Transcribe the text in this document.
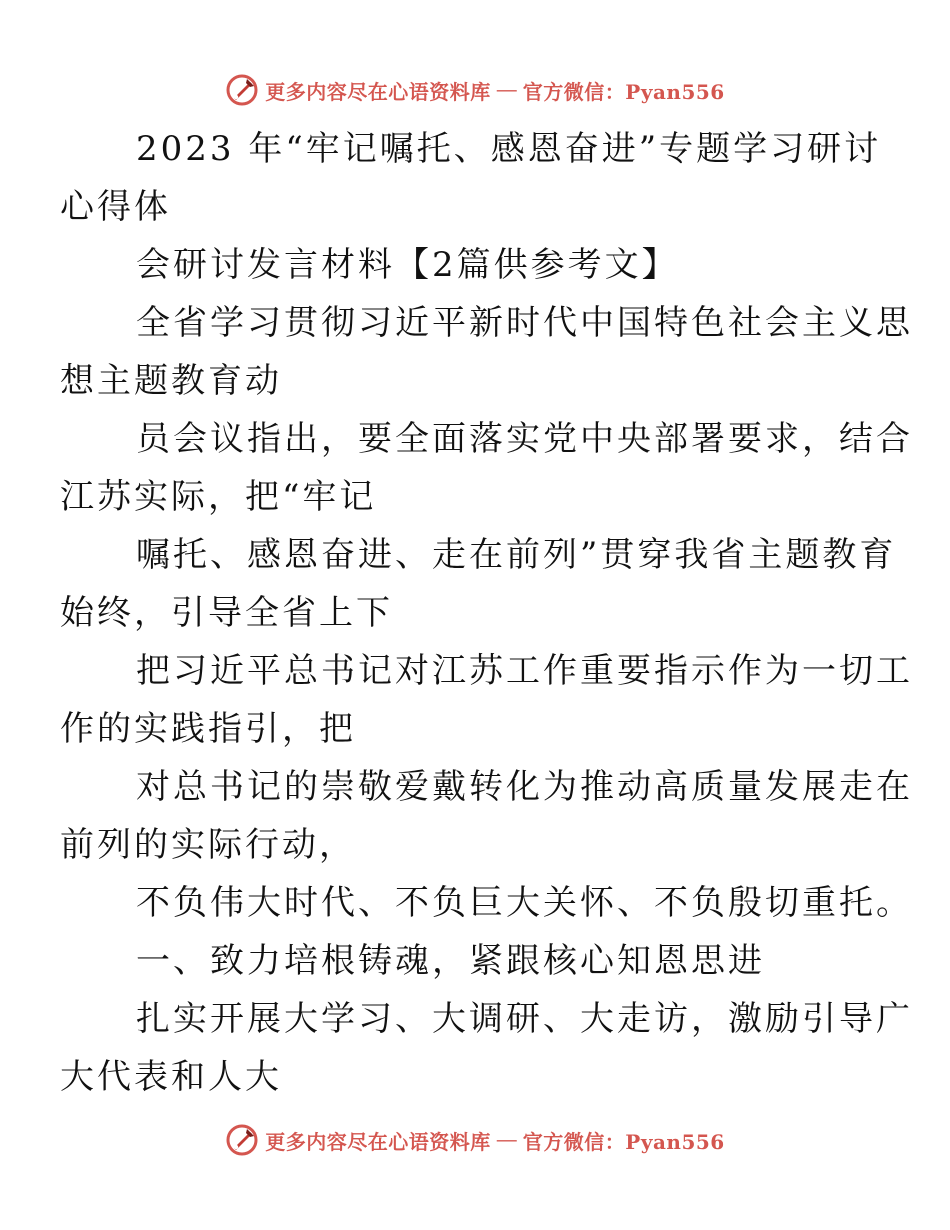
更多内容尽在心语资料库 — 官方微信：Pyan556

2023 年“牢记嘱托、感恩奋进”专题学习研讨
心得体

会研讨发言材料【2篇供参考文】

全省学习贯彻习近平新时代中国特色社会主义思
想主题教育动

员会议指出，要全面落实党中央部署要求，结合
江苏实际，把“牢记

嘱托、感恩奋进、走在前列”贯穿我省主题教育
始终，引导全省上下

把习近平总书记对江苏工作重要指示作为一切工
作的实践指引，把

对总书记的崇敬爱戴转化为推动高质量发展走在
前列的实际行动，

不负伟大时代、不负巨大关怀、不负殷切重托。

一、致力培根铸魂，紧跟核心知恩思进

扎实开展大学习、大调研、大走访，激励引导广
大代表和人大

更多内容尽在心语资料库 — 官方微信：Pyan556
